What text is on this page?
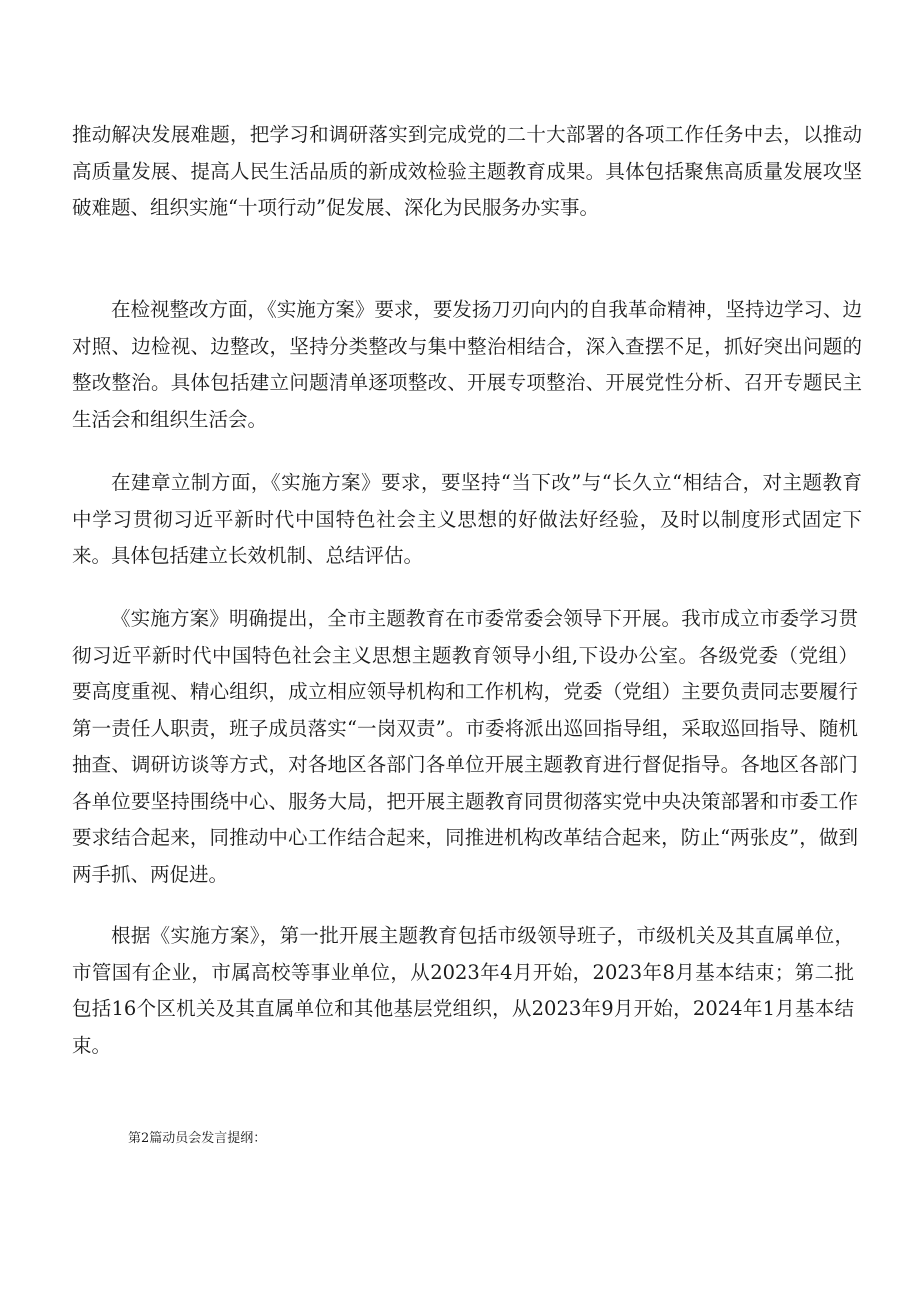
推动解决发展难题，把学习和调研落实到完成党的二十大部署的各项工作任务中去，以推动高质量发展、提高人民生活品质的新成效检验主题教育成果。具体包括聚焦高质量发展攻坚破难题、组织实施“十项行动”促发展、深化为民服务办实事。

在检视整改方面，《实施方案》要求，要发扬刀刃向内的自我革命精神，坚持边学习、边对照、边检视、边整改，坚持分类整改与集中整治相结合，深入查摆不足，抓好突出问题的整改整治。具体包括建立问题清单逐项整改、开展专项整治、开展党性分析、召开专题民主生活会和组织生活会。

在建章立制方面，《实施方案》要求，要坚持“当下改”与“长久立“相结合，对主题教育中学习贯彻习近平新时代中国特色社会主义思想的好做法好经验，及时以制度形式固定下来。具体包括建立长效机制、总结评估。

《实施方案》明确提出，全市主题教育在市委常委会领导下开展。我市成立市委学习贯彻习近平新时代中国特色社会主义思想主题教育领导小组,下设办公室。各级党委（党组）要高度重视、精心组织，成立相应领导机构和工作机构，党委（党组）主要负责同志要履行第一责任人职责，班子成员落实“一岗双责”。市委将派出巡回指导组，采取巡回指导、随机抽查、调研访谈等方式，对各地区各部门各单位开展主题教育进行督促指导。各地区各部门各单位要坚持围绕中心、服务大局，把开展主题教育同贯彻落实党中央决策部署和市委工作要求结合起来，同推动中心工作结合起来，同推进机构改革结合起来，防止“两张皮”，做到两手抓、两促进。

根据《实施方案》，第一批开展主题教育包括市级领导班子，市级机关及其直属单位，市管国有企业，市属高校等事业单位，从2023年4月开始，2023年8月基本结束；第二批包括16个区机关及其直属单位和其他基层党组织，从2023年9月开始，2024年1月基本结束。

第2篇动员会发言提纲：
